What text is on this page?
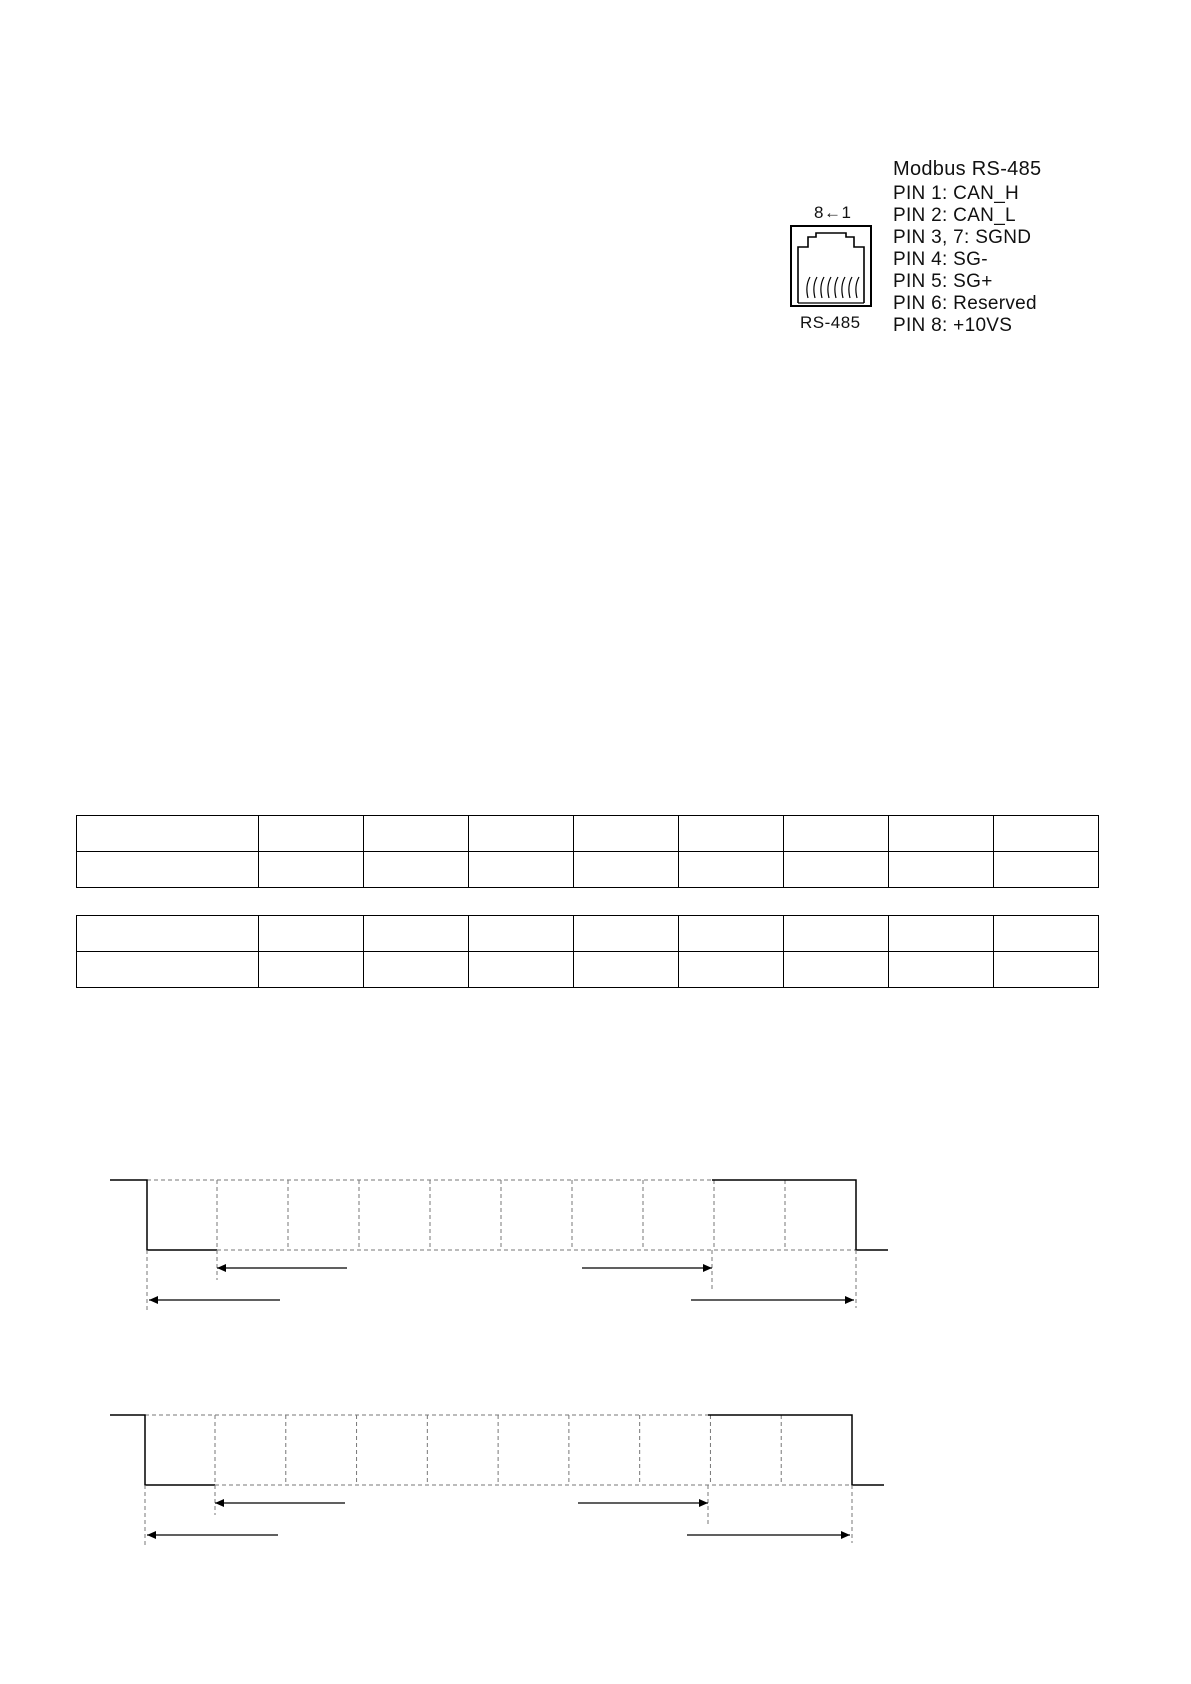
Modbus RS-485
PIN 1: CAN_H
PIN 2: CAN_L
PIN 3, 7: SGND
PIN 4: SG-
PIN 5: SG+
PIN 6: Reserved
PIN 8: +10VS
8←1
RS-485
